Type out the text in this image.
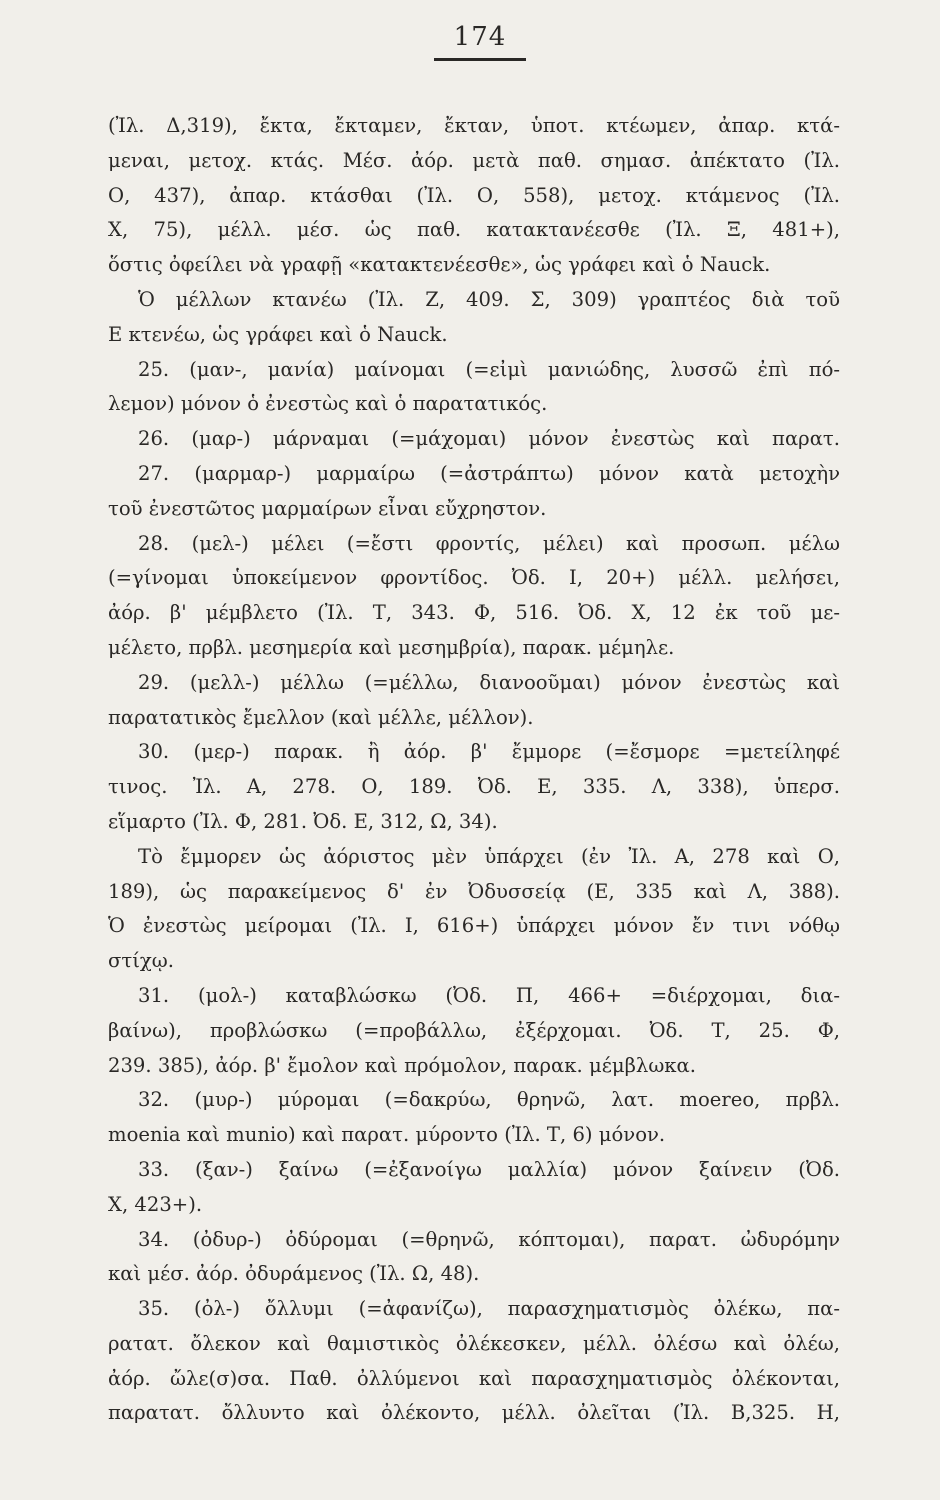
174
(Ἰλ. Δ,319), ἔκτα, ἔκταμεν, ἔκταν, ὑποτ. κτέωμεν, ἀπαρ. κτά-
μεναι, μετοχ. κτάς. Μέσ. ἀόρ. μετὰ παθ. σημασ. ἀπέκτατο (Ἰλ.
Ο, 437), ἀπαρ. κτάσθαι (Ἰλ. Ο, 558), μετοχ. κτάμενος (Ἰλ.
Χ, 75), μέλλ. μέσ. ὡς παθ. κατακτανέεσθε (Ἰλ. Ξ, 481+),
ὅστις ὀφείλει νὰ γραφῇ «κατακτενέεσθε», ὡς γράφει καὶ ὁ Nauck.
Ὁ μέλλων κτανέω (Ἰλ. Ζ, 409. Σ, 309) γραπτέος διὰ τοῦ
Ε κτενέω, ὡς γράφει καὶ ὁ Nauck.
25. (μαν-, μανία) μαίνομαι (=εἰμὶ μανιώδης, λυσσῶ ἐπὶ πό-
λεμον) μόνον ὁ ἐνεστὼς καὶ ὁ παρατατικός.
26. (μαρ-) μάρναμαι (=μάχομαι) μόνον ἐνεστὼς καὶ παρατ.
27. (μαρμαρ-) μαρμαίρω (=ἀστράπτω) μόνον κατὰ μετοχὴν
τοῦ ἐνεστῶτος μαρμαίρων εἶναι εὔχρηστον.
28. (μελ-) μέλει (=ἔστι φροντίς, μέλει) καὶ προσωπ. μέλω
(=γίνομαι ὑποκείμενον φροντίδος. Ὀδ. Ι, 20+) μέλλ. μελήσει,
ἀόρ. β' μέμβλετο (Ἰλ. Τ, 343. Φ, 516. Ὀδ. Χ, 12 ἐκ τοῦ με-
μέλετο, πρβλ. μεσημερία καὶ μεσημβρία), παρακ. μέμηλε.
29. (μελλ-) μέλλω (=μέλλω, διανοοῦμαι) μόνον ἐνεστὼς καὶ
παρατατικὸς ἔμελλον (καὶ μέλλε, μέλλον).
30. (μερ-) παρακ. ἢ ἀόρ. β' ἔμμορε (=ἔσμορε =μετείληφέ
τινος. Ἰλ. Α, 278. Ο, 189. Ὀδ. Ε, 335. Λ, 338), ὑπερσ.
εἵμαρτο (Ἰλ. Φ, 281. Ὀδ. Ε, 312, Ω, 34).
Τὸ ἔμμορεν ὡς ἀόριστος μὲν ὑπάρχει (ἐν Ἰλ. Α, 278 καὶ Ο,
189), ὡς παρακείμενος δ' ἐν Ὀδυσσείᾳ (Ε, 335 καὶ Λ, 388).
Ὁ ἐνεστὼς μείρομαι (Ἰλ. Ι, 616+) ὑπάρχει μόνον ἔν τινι νόθῳ
στίχῳ.
31. (μολ-) καταβλώσκω (Ὀδ. Π, 466+ =διέρχομαι, δια-
βαίνω), προβλώσκω (=προβάλλω, ἐξέρχομαι. Ὀδ. Τ, 25. Φ,
239. 385), ἀόρ. β' ἔμολον καὶ πρόμολον, παρακ. μέμβλωκα.
32. (μυρ-) μύρομαι (=δακρύω, θρηνῶ, λατ. moereo, πρβλ.
moenia καὶ munio) καὶ παρατ. μύροντο (Ἰλ. Τ, 6) μόνον.
33. (ξαν-) ξαίνω (=ἐξανοίγω μαλλία) μόνον ξαίνειν (Ὀδ.
Χ, 423+).
34. (ὀδυρ-) ὀδύρομαι (=θρηνῶ, κόπτομαι), παρατ. ὠδυρόμην
καὶ μέσ. ἀόρ. ὀδυράμενος (Ἰλ. Ω, 48).
35. (ὀλ-) ὄλλυμι (=ἀφανίζω), παρασχηματισμὸς ὀλέκω, πα-
ρατατ. ὄλεκον καὶ θαμιστικὸς ὀλέκεσκεν, μέλλ. ὀλέσω καὶ ὀλέω,
ἀόρ. ὤλε(σ)σα. Παθ. ὀλλύμενοι καὶ παρασχηματισμὸς ὀλέκονται,
παρατατ. ὄλλυντο καὶ ὀλέκοντο, μέλλ. ὀλεῖται (Ἰλ. Β,325. Η,
